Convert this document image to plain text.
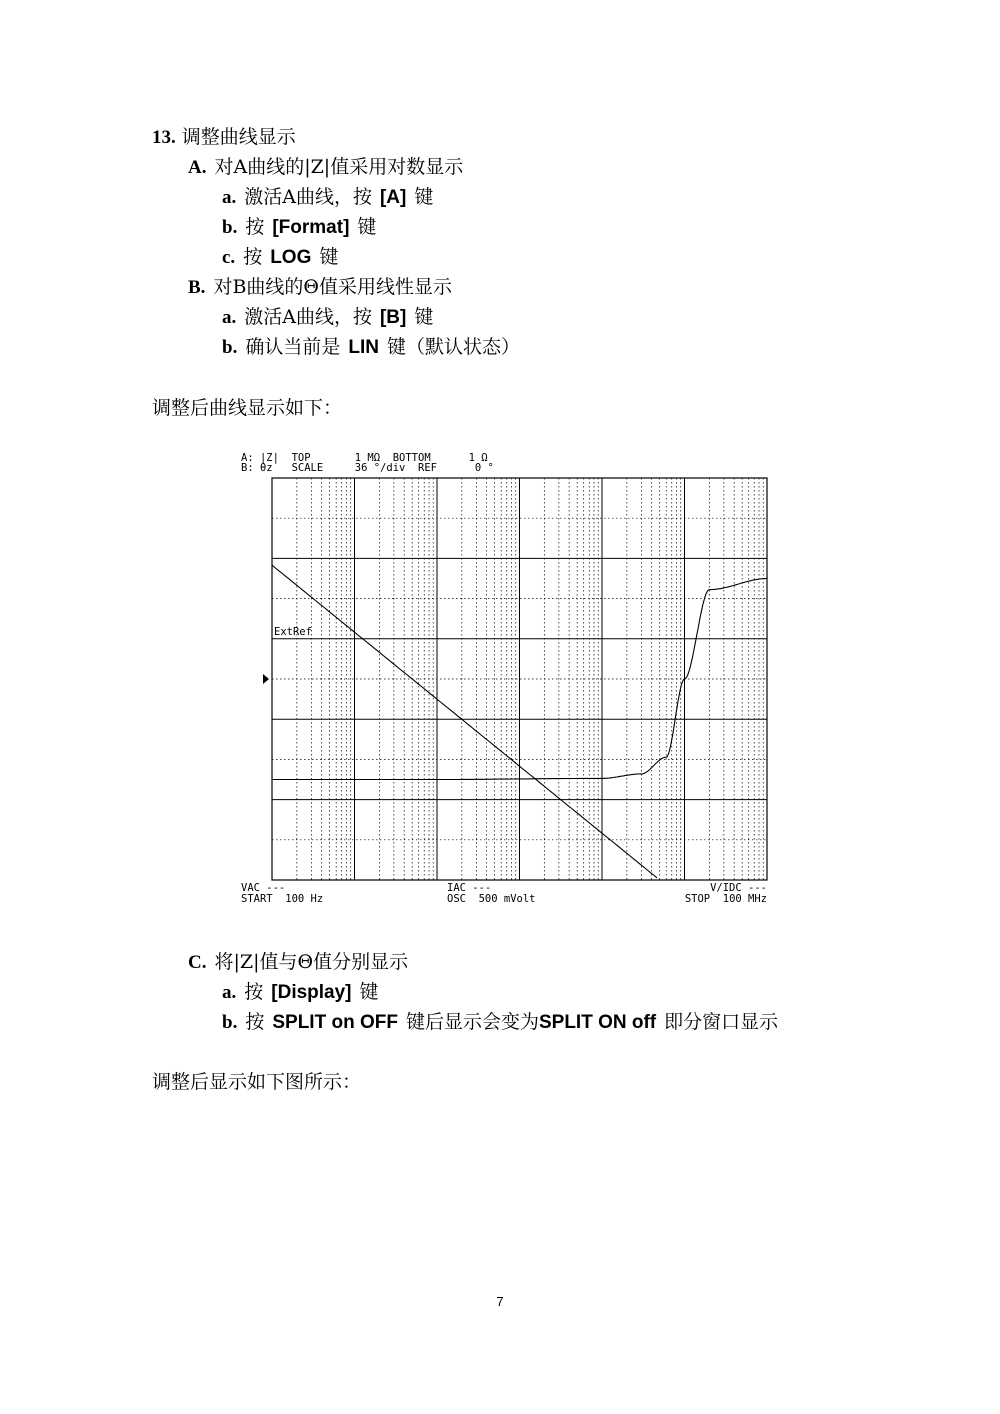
13. 调整曲线显示
A. 对A曲线的|Z|值采用对数显示
a. 激活A曲线，按 [A] 键
b. 按 [Format] 键
c. 按 LOG 键
B. 对B曲线的Θ值采用线性显示
a. 激活A曲线，按 [B] 键
b. 确认当前是 LIN 键（默认状态）
调整后曲线显示如下：
A: |Z|  TOP       1 MΩ  BOTTOM      1 Ω
B: θz   SCALE     36 °/div  REF      0 °
ExtRef
VAC ---
START  100 Hz
IAC ---
OSC  500 mVolt
V/IDC ---
STOP  100 MHz
C. 将|Z|值与Θ值分别显示
a. 按 [Display] 键
b. 按 SPLIT on OFF 键后显示会变为SPLIT ON off 即分窗口显示
调整后显示如下图所示：
7
